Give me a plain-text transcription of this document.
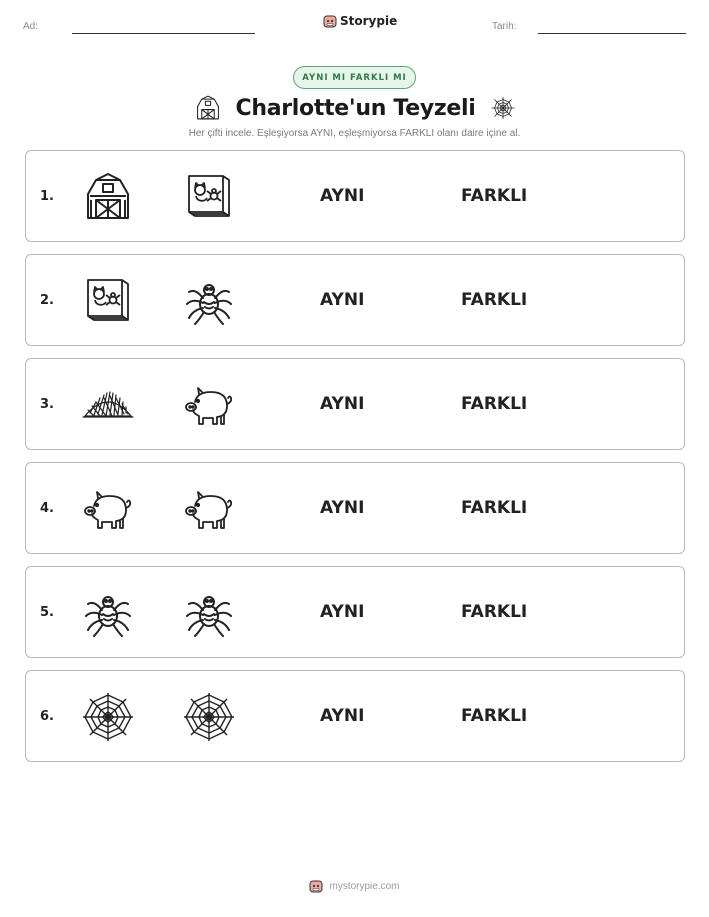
Ad:	Storypie	Tarih:
AYNI MI FARKLI MI
Charlotte'un Teyzeli
Her çifti incele. Eşleşiyorsa AYNI, eşleşmiyorsa FARKLI olanı daire içine al.
1.	AYNI	FARKLI
2.	AYNI	FARKLI
3.	AYNI	FARKLI
4.	AYNI	FARKLI
5.	AYNI	FARKLI
6.	AYNI	FARKLI
mystorypie.com
